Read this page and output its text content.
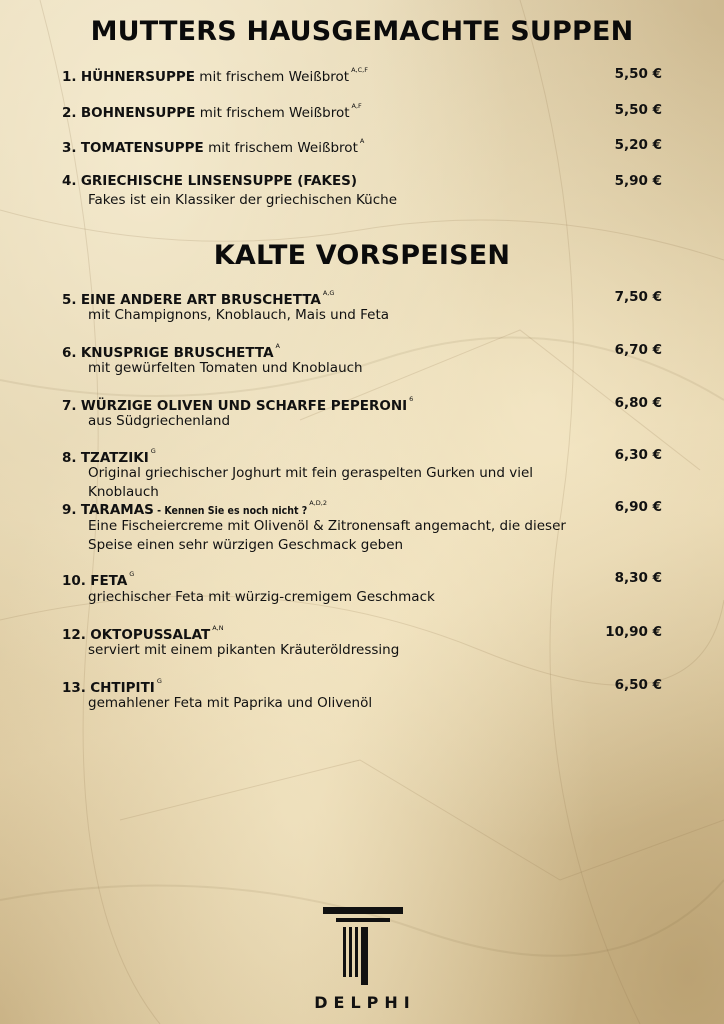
MUTTERS HAUSGEMACHTE SUPPEN
1. HÜHNERSUPPE mit frischem Weißbrot $^{A,C,F}$	5,50 €
2. BOHNENSUPPE mit frischem Weißbrot $^{A,F}$	5,50 €
3. TOMATENSUPPE mit frischem Weißbrot $^A$	5,20 €
4. GRIECHISCHE LINSENSUPPE (FAKES)	5,90 €
Fakes ist ein Klassiker der griechischen Küche
KALTE VORSPEISEN
5. EINE ANDERE ART BRUSCHETTA $^{A,G}$	7,50 €
mit Champignons, Knoblauch, Mais und Feta
6. KNUSPRIGE BRUSCHETTA $^A$	6,70 €
mit gewürfelten Tomaten und Knoblauch
7. WÜRZIGE OLIVEN UND SCHARFE PEPERONI $^6$	6,80 €
aus Südgriechenland
8. TZATZIKI $^G$	6,30 €
Original griechischer Joghurt mit fein geraspelten Gurken und viel Knoblauch
9. TARAMAS - Kennen Sie es noch nicht ?$^{A,D,2}$	6,90 €
Eine Fischeiercreme mit Olivenöl & Zitronensaft angemacht, die dieser Speise einen sehr würzigen Geschmack geben
10. FETA $^G$	8,30 €
griechischer Feta mit würzig-cremigem Geschmack
12. OKTOPUSSALAT $^{A,N}$	10,90 €
serviert mit einem pikanten Kräuteröldressing
13. CHTIPITI $^G$	6,50 €
gemahlener Feta mit Paprika und Olivenöl
DELPHI
